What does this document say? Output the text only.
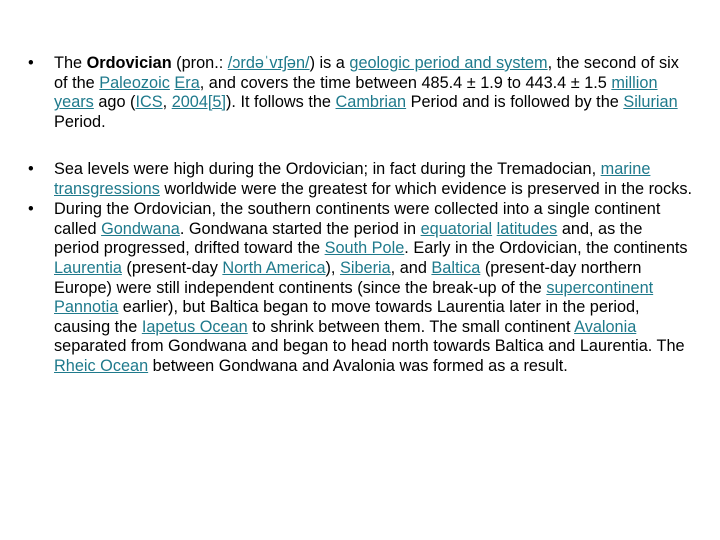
•	The Ordovician (pron.: /ɔrdəˈvɪʃən/) is a geologic period and system, the second of six of the Paleozoic Era, and covers the time between 485.4 ± 1.9 to 443.4 ± 1.5 million years ago (ICS, 2004[5]). It follows the Cambrian Period and is followed by the Silurian Period.
•	Sea levels were high during the Ordovician; in fact during the Tremadocian, marine transgressions worldwide were the greatest for which evidence is preserved in the rocks.
•	During the Ordovician, the southern continents were collected into a single continent called Gondwana. Gondwana started the period in equatorial latitudes and, as the period progressed, drifted toward the South Pole. Early in the Ordovician, the continents Laurentia (present-day North America), Siberia, and Baltica (present-day northern Europe) were still independent continents (since the break-up of the supercontinent Pannotia earlier), but Baltica began to move towards Laurentia later in the period, causing the Iapetus Ocean to shrink between them. The small continent Avalonia separated from Gondwana and began to head north towards Baltica and Laurentia. The Rheic Ocean between Gondwana and Avalonia was formed as a result.
